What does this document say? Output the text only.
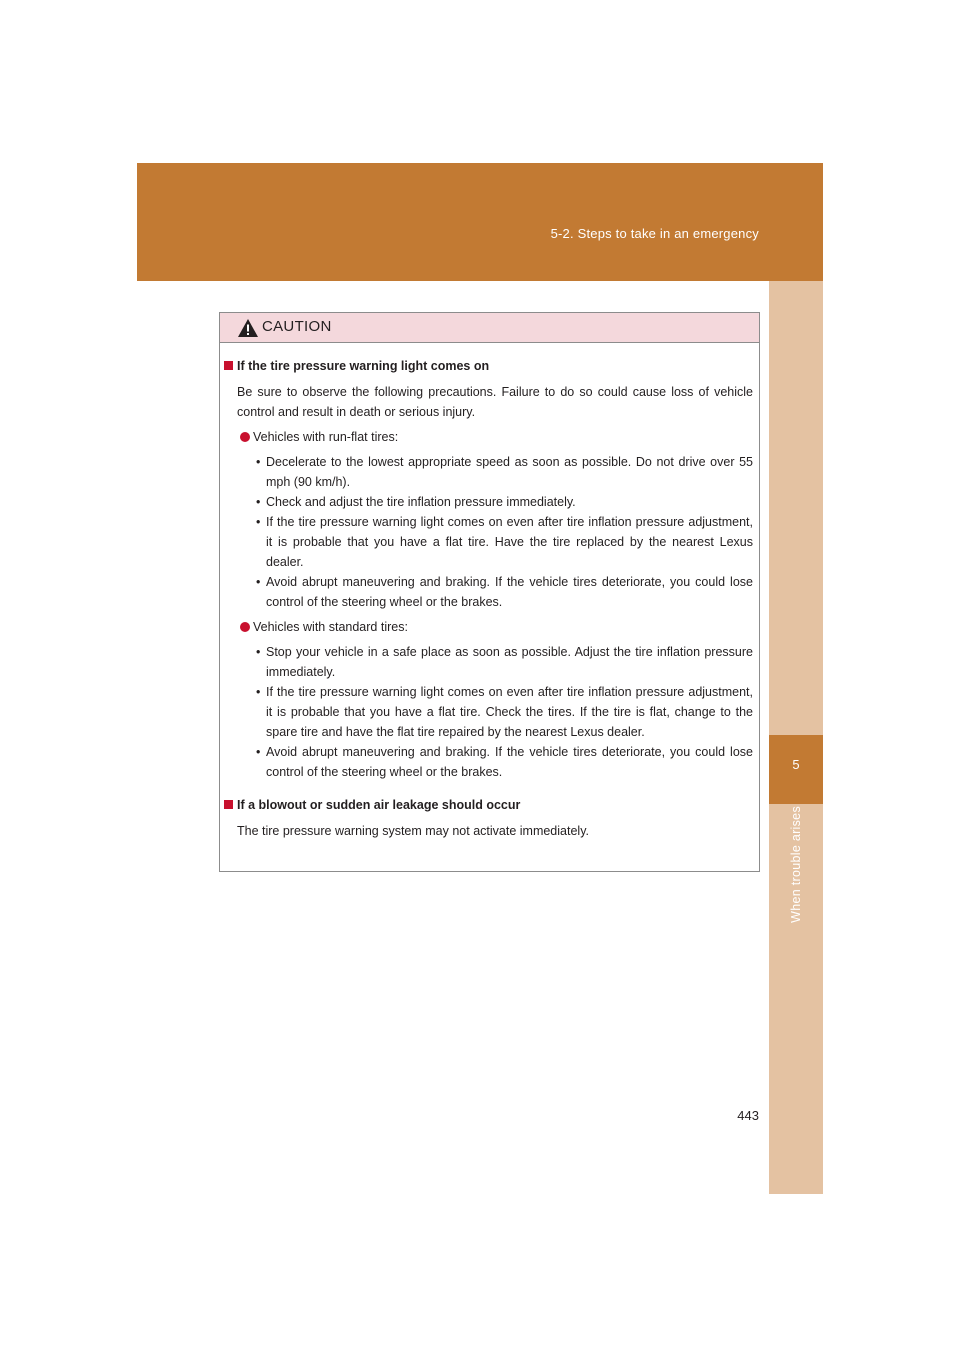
5-2. Steps to take in an emergency
5
When trouble arises
CAUTION
If the tire pressure warning light comes on

Be sure to observe the following precautions. Failure to do so could cause loss of vehicle control and result in death or serious injury.

Vehicles with run-flat tires:
• Decelerate to the lowest appropriate speed as soon as possible. Do not drive over 55 mph (90 km/h).
• Check and adjust the tire inflation pressure immediately.
• If the tire pressure warning light comes on even after tire inflation pressure adjustment, it is probable that you have a flat tire. Have the tire replaced by the nearest Lexus dealer.
• Avoid abrupt maneuvering and braking. If the vehicle tires deteriorate, you could lose control of the steering wheel or the brakes.
Vehicles with standard tires:
• Stop your vehicle in a safe place as soon as possible. Adjust the tire inflation pressure immediately.
• If the tire pressure warning light comes on even after tire inflation pressure adjustment, it is probable that you have a flat tire. Check the tires. If the tire is flat, change to the spare tire and have the flat tire repaired by the nearest Lexus dealer.
• Avoid abrupt maneuvering and braking. If the vehicle tires deteriorate, you could lose control of the steering wheel or the brakes.
If a blowout or sudden air leakage should occur

The tire pressure warning system may not activate immediately.

443
